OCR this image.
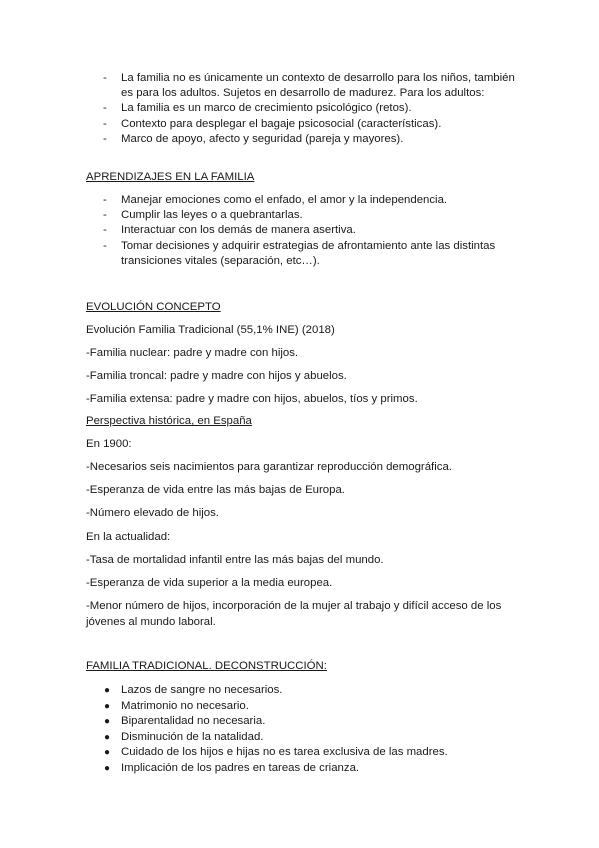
- La familia no es únicamente un contexto de desarrollo para los niños, también es para los adultos. Sujetos en desarrollo de madurez. Para los adultos:
- La familia es un marco de crecimiento psicológico (retos).
- Contexto para desplegar el bagaje psicosocial (características).
- Marco de apoyo, afecto y seguridad (pareja y mayores).
APRENDIZAJES EN LA FAMILIA
- Manejar emociones como el enfado, el amor y la independencia.
- Cumplir las leyes o a quebrantarlas.
- Interactuar con los demás de manera asertiva.
- Tomar decisiones y adquirir estrategias de afrontamiento ante las distintas transiciones vitales (separación, etc…).
EVOLUCIÓN CONCEPTO
Evolución Familia Tradicional (55,1% INE) (2018)
-Familia nuclear: padre y madre con hijos.
-Familia troncal: padre y madre con hijos y abuelos.
-Familia extensa: padre y madre con hijos, abuelos, tíos y primos.
Perspectiva histórica, en España
En 1900:
-Necesarios seis nacimientos para garantizar reproducción demográfica.
-Esperanza de vida entre las más bajas de Europa.
-Número elevado de hijos.
En la actualidad:
-Tasa de mortalidad infantil entre las más bajas del mundo.
-Esperanza de vida superior a la media europea.
-Menor número de hijos, incorporación de la mujer al trabajo y difícil acceso de los jóvenes al mundo laboral.
FAMILIA TRADICIONAL. DECONSTRUCCIÓN:
● Lazos de sangre no necesarios.
● Matrimonio no necesario.
● Biparentalidad no necesaria.
● Disminución de la natalidad.
● Cuidado de los hijos e hijas no es tarea exclusiva de las madres.
● Implicación de los padres en tareas de crianza.
